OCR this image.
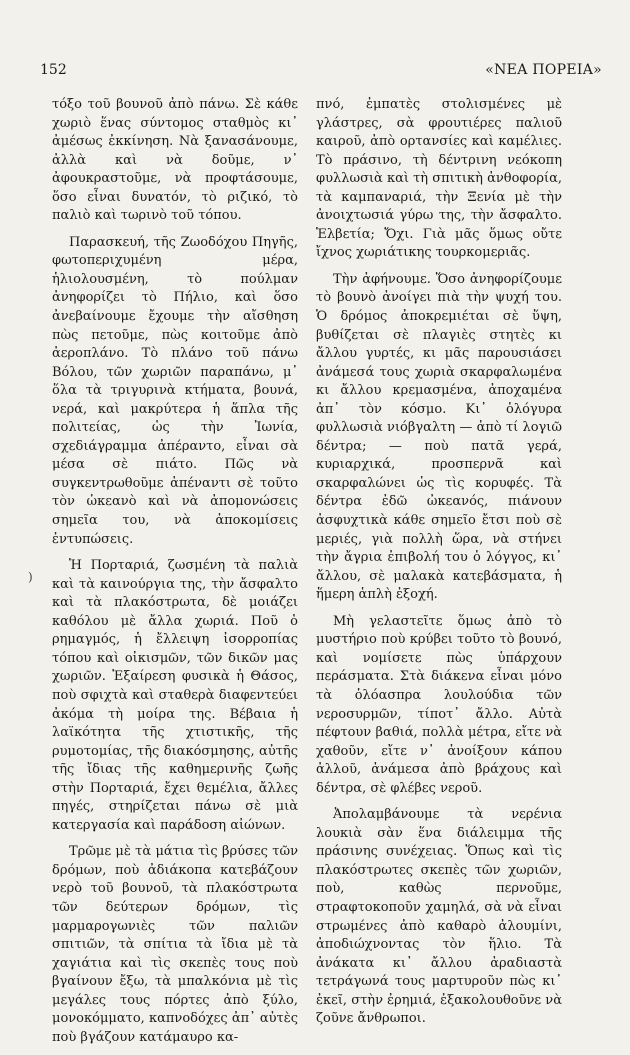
152	«ΝΕΑ ΠΟΡΕΙΑ»
)

τόξο τοῦ βουνοῦ ἀπὸ πάνω. Σὲ κάθε χωριὸ ἕνας σύντομος σταθμὸς κι᾿ ἀμέσως ἐκκίνηση. Νὰ ξανασάνουμε, ἀλλὰ καὶ νὰ δοῦμε, ν᾿ ἀφουκραστοῦμε, νὰ προφτάσουμε, ὅσο εἶναι δυνατόν, τὸ ριζικό, τὸ παλιὸ καὶ τωρινὸ τοῦ τόπου.

Παρασκευή, τῆς Ζωοδόχου Πηγῆς, φωτοπεριχυμένη μέρα, ἡλιολουσμένη, τὸ πούλμαν ἀνηφορίζει τὸ Πήλιο, καὶ ὅσο ἀνεβαίνουμε ἔχουμε τὴν αἴσθηση πὼς πετοῦμε, πὼς κοιτοῦμε ἀπὸ ἀεροπλάνο. Τὸ πλάνο τοῦ πάνω Βόλου, τῶν χωριῶν παραπάνω, μ᾿ ὅλα τὰ τριγυρινὰ κτήματα, βουνά, νερά, καὶ μακρύτερα ἡ ἅπλα τῆς πολιτείας, ὡς τὴν Ἰωνία, σχεδιάγραμμα ἀπέραντο, εἶναι σὰ μέσα σὲ πιάτο. Πῶς νὰ συγκεντρωθοῦμε ἀπέναντι σὲ τοῦτο τὸν ὠκεανὸ καὶ νὰ ἀπομονώσεις σημεῖα του, νὰ ἀποκομίσεις ἐντυπώσεις.

Ἡ Πορταριά, ζωσμένη τὰ παλιὰ καὶ τὰ καινούργια της, τὴν ἄσφαλτο καὶ τὰ πλακόστρωτα, δὲ μοιάζει καθόλου μὲ ἄλλα χωριά. Ποῦ ὁ ρημαγμός, ἡ ἔλλειψη ἰσορροπίας τόπου καὶ οἰκισμῶν, τῶν δικῶν μας χωριῶν. Ἐξαίρεση φυσικὰ ἡ Θάσος, ποὺ σφιχτὰ καὶ σταθερὰ διαφεντεύει ἀκόμα τὴ μοίρα της. Βέβαια ἡ λαϊκότητα τῆς χτιστικῆς, τῆς ρυμοτομίας, τῆς διακόσμησης, αὐτῆς τῆς ἴδιας τῆς καθημερινῆς ζωῆς στὴν Πορταριά, ἔχει θεμέλια, ἄλλες πηγές, στηρίζεται πάνω σὲ μιὰ κατεργασία καὶ παράδοση αἰώνων.

Τρῶμε μὲ τὰ μάτια τὶς βρύσες τῶν δρόμων, ποὺ ἀδιάκοπα κατεβάζουν νερὸ τοῦ βουνοῦ, τὰ πλακόστρωτα τῶν δεύτερων δρόμων, τὶς μαρμαρογωνιὲς τῶν παλιῶν σπιτιῶν, τὰ σπίτια τὰ ἴδια μὲ τὰ χαγιάτια καὶ τὶς σκεπὲς τους ποὺ βγαίνουν ἔξω, τὰ μπαλκόνια μὲ τὶς μεγάλες τους πόρτες ἀπὸ ξύλο, μονοκόμματο, καπνοδόχες ἀπ᾿ αὐτὲς ποὺ βγάζουν κατάμαυρο κα-

πνό, ἐμπατὲς στολισμένες μὲ γλάστρες, σὰ φρουτιέρες παλιοῦ καιροῦ, ἀπὸ ορτανσίες καὶ καμέλιες. Τὸ πράσινο, τὴ δέντρινη νεόκοπη φυλλωσιὰ καὶ τὴ σπιτικὴ ἀνθοφορία, τὰ καμπαναριά, τὴν Ξενία μὲ τὴν ἀνοιχτωσιά γύρω της, τὴν ἄσφαλτο. Ἑλβετία; Ὄχι. Γιὰ μᾶς ὅμως οὔτε ἴχνος χωριάτικης τουρκομεριᾶς.

Τὴν ἀφήνουμε. Ὅσο ἀνηφορίζουμε τὸ βουνὸ ἀνοίγει πιὰ τὴν ψυχή του. Ὁ δρόμος ἀποκρεμιέται σὲ ὕψη, βυθίζεται σὲ πλαγιὲς στητὲς κι ἄλλου γυρτές, κι μᾶς παρουσιάσει ἀνάμεσά τους χωριὰ σκαρφαλωμένα κι ἄλλου κρεμασμένα, ἀποχαμένα ἀπ᾿ τὸν κόσμο. Κι᾿ ὁλόγυρα φυλλωσιὰ νιόβγαλτη — ἀπὸ τί λογιῶ δέντρα; — ποὺ πατᾶ γερά, κυριαρχικά, προσπερνᾶ καὶ σκαρφαλώνει ὡς τὶς κορυφές. Τὰ δέντρα ἐδῶ ὠκεανός, πιάνουν ἀσφυχτικὰ κάθε σημεῖο ἔτσι ποὺ σὲ μεριές, γιὰ πολλὴ ὥρα, νὰ στήνει τὴν ἄγρια ἐπιβολή του ὁ λόγγος, κι᾿ ἄλλου, σὲ μαλακὰ κατεβάσματα, ἡ ἥμερη ἁπλὴ ἐξοχή.

Μὴ γελαστεῖτε ὅμως ἀπὸ τὸ μυστήριο ποὺ κρύβει τοῦτο τὸ βουνό, καὶ νομίσετε πὼς ὑπάρχουν περάσματα. Στὰ διάκενα εἶναι μόνο τὰ ὁλόασπρα λουλούδια τῶν νεροσυρμῶν, τίποτ᾿ ἄλλο. Αὐτὰ πέφτουν βαθιά, πολλὰ μέτρα, εἴτε νὰ χαθοῦν, εἴτε ν᾿ ἀνοίξουν κάπου ἀλλοῦ, ἀνάμεσα ἀπὸ βράχους καὶ δέντρα, σὲ φλέβες νεροῦ.

Ἀπολαμβάνουμε τὰ νερένια λουκιὰ σὰν ἕνα διάλειμμα τῆς πράσινης συνέχειας. Ὅπως καὶ τὶς πλακόστρωτες σκεπὲς τῶν χωριῶν, ποὺ, καθὼς περνοῦμε, στραφτοκοποῦν χαμηλά, σὰ νὰ εἶναι στρωμένες ἀπὸ καθαρὸ ἀλουμίνι, ἀποδιώχνοντας τὸν ἥλιο. Τὰ ἀνάκατα κι᾿ ἄλλου ἀραδιαστὰ τετράγωνά τους μαρτυροῦν πὼς κι᾿ ἐκεῖ, στὴν ἐρημιά, ἐξακολουθοῦνε νὰ ζοῦνε ἄνθρωποι.
